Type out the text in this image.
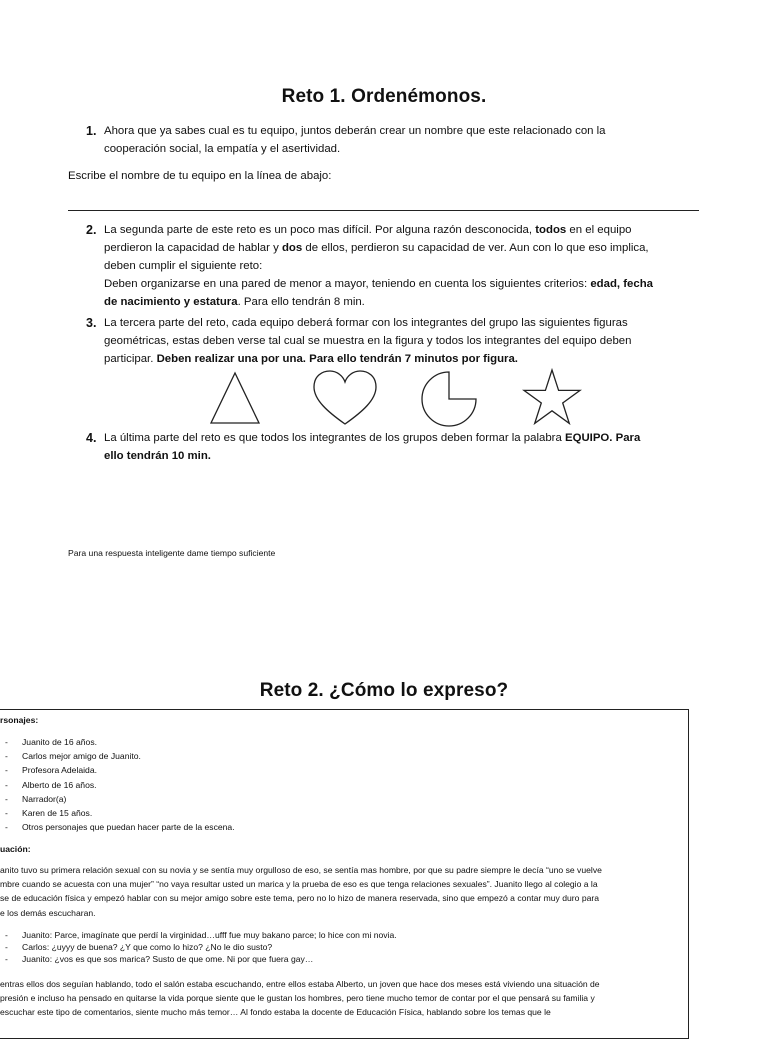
Reto 1. Ordenémonos.
1. Ahora que ya sabes cual es tu equipo, juntos deberán crear un nombre que este relacionado con la
cooperación social, la empatía y el asertividad.
Escribe el nombre de tu equipo en la línea de abajo:
2. La segunda parte de este reto es un poco mas difícil. Por alguna razón desconocida, todos en el equipo
perdieron la capacidad de hablar y dos de ellos, perdieron su capacidad de ver. Aun con lo que eso implica,
deben cumplir el siguiente reto:
Deben organizarse en una pared de menor a mayor, teniendo en cuenta los siguientes criterios: edad, fecha
de nacimiento y estatura. Para ello tendrán 8 min.
3. La tercera parte del reto, cada equipo deberá formar con los integrantes del grupo las siguientes figuras
geométricas, estas deben verse tal cual se muestra en la figura y todos los integrantes del equipo deben
participar. Deben realizar una por una. Para ello tendrán 7 minutos por figura.
4. La última parte del reto es que todos los integrantes de los grupos deben formar la palabra EQUIPO. Para
ello tendrán 10 min.
Para una respuesta inteligente dame tiempo suficiente
Reto 2. ¿Cómo lo expreso?
rsonajes:
- Juanito de 16 años.
- Carlos mejor amigo de Juanito.
- Profesora Adelaida.
- Alberto de 16 años.
- Narrador(a)
- Karen de 15 años.
- Otros personajes que puedan hacer parte de la escena.
uación:
anito tuvo su primera relación sexual con su novia y se sentía muy orgulloso de eso, se sentía mas hombre, por que su padre siempre le decía “uno se vuelve
mbre cuando se acuesta con una mujer” “no vaya resultar usted un marica y la prueba de eso es que tenga relaciones sexuales”. Juanito llego al colegio a la
se de educación física y empezó hablar con su mejor amigo sobre este tema, pero no lo hizo de manera reservada, sino que empezó a contar muy duro para
e los demás escucharan.
- Juanito: Parce, imagínate que perdí la virginidad…ufff fue muy bakano parce; lo hice con mi novia.
- Carlos: ¿uyyy de buena? ¿Y que como lo hizo? ¿No le dio susto?
- Juanito: ¿vos es que sos marica? Susto de que ome. Ni por que fuera gay…
entras ellos dos seguían hablando, todo el salón estaba escuchando, entre ellos estaba Alberto, un joven que hace dos meses está viviendo una situación de
presión e incluso ha pensado en quitarse la vida porque siente que le gustan los hombres, pero tiene mucho temor de contar por el que pensará su familia y
escuchar este tipo de comentarios, siente mucho más temor… Al fondo estaba la docente de Educación Física, hablando sobre los temas que le
